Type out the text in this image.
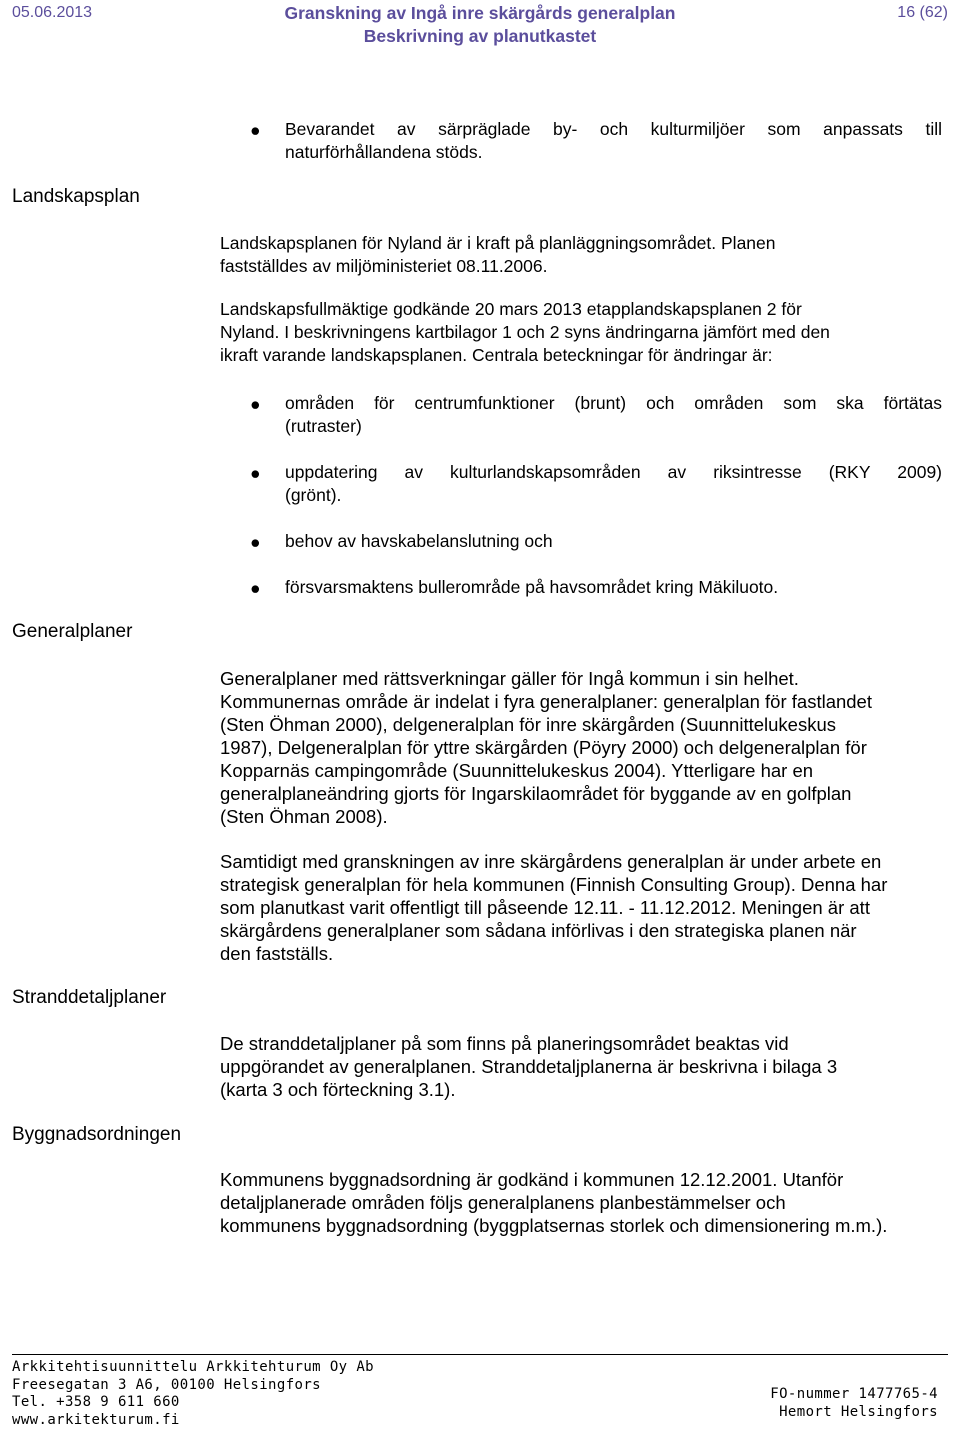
05.06.2013	Granskning av Ingå inre skärgårds generalplan
Beskrivning av planutkastet
16 (62)
● Bevarandet av särpräglade by- och kulturmiljöer som anpassats till
naturförhållandena stöds.
Landskapsplan
Landskapsplanen för Nyland är i kraft på planläggningsområdet. Planen
fastställdes av miljöministeriet 08.11.2006.
Landskapsfullmäktige godkände 20 mars 2013 etapplandskapsplanen 2 för
Nyland. I beskrivningens kartbilagor 1 och 2 syns ändringarna jämfört med den
ikraft varande landskapsplanen. Centrala beteckningar för ändringar är:
● områden för centrumfunktioner (brunt) och områden som ska förtätas
(rutraster)
● uppdatering av kulturlandskapsområden av riksintresse (RKY 2009)
(grönt).
● behov av havskabelanslutning och
● försvarsmaktens bullerområde på havsområdet kring Mäkiluoto.
Generalplaner
Generalplaner med rättsverkningar gäller för Ingå kommun i sin helhet.
Kommunernas område är indelat i fyra generalplaner: generalplan för fastlandet
(Sten Öhman 2000), delgeneralplan för inre skärgården (Suunnittelukeskus
1987), Delgeneralplan för yttre skärgården (Pöyry 2000) och delgeneralplan för
Kopparnäs campingområde (Suunnittelukeskus 2004). Ytterligare har en
generalplaneändring gjorts för Ingarskilaområdet för byggande av en golfplan
(Sten Öhman 2008).
Samtidigt med granskningen av inre skärgårdens generalplan är under arbete en
strategisk generalplan för hela kommunen (Finnish Consulting Group). Denna har
som planutkast varit offentligt till påseende 12.11. - 11.12.2012. Meningen är att
skärgårdens generalplaner som sådana införlivas i den strategiska planen när
den fastställs.
Stranddetaljplaner
De stranddetaljplaner på som finns på planeringsområdet beaktas vid
uppgörandet av generalplanen. Stranddetaljplanerna är beskrivna i bilaga 3
(karta 3 och förteckning 3.1).
Byggnadsordningen
Kommunens byggnadsordning är godkänd i kommunen 12.12.2001. Utanför
detaljplanerade områden följs generalplanens planbestämmelser och
kommunens byggnadsordning (byggplatsernas storlek och dimensionering m.m.).
Arkkitehtisuunnittelu Arkkitehturum Oy Ab
Freesegatan 3 A6, 00100 Helsingfors
Tel. +358 9 611 660
www.arkitekturum.fi
FO-nummer 1477765-4
Hemort Helsingfors
